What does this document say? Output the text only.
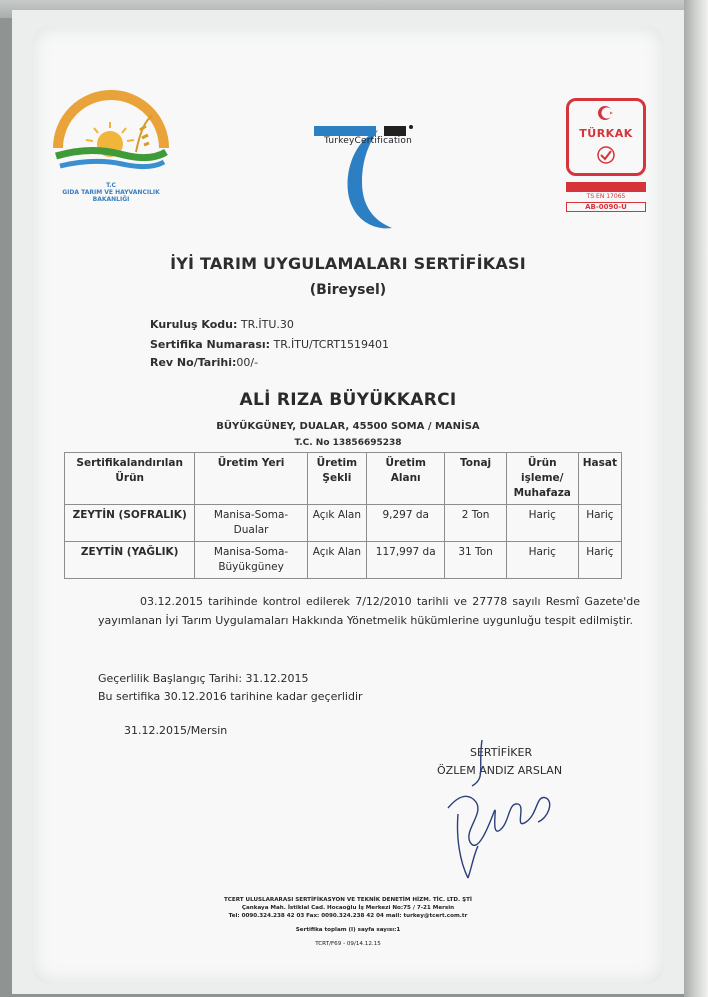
T.C
GIDA TARIM VE HAYVANCILIK
BAKANLIĞI
TurkeyCertification
TÜRKAK
TS EN 17065
AB-0090-U
İYİ TARIM UYGULAMALARI SERTİFİKASI
(Bireysel)
Kuruluş Kodu: TR.İTU.30
Sertifika Numarası: TR.İTU/TCRT1519401
Rev No/Tarihi:00/-
ALİ RIZA BÜYÜKKARCI
BÜYÜKGÜNEY, DUALAR, 45500 SOMA / MANİSA
T.C. No 13856695238
Sertifikalandırılan Ürün	Üretim Yeri	Üretim Şekli	Üretim Alanı	Tonaj	Ürün işleme/ Muhafaza	Hasat
ZEYTİN (SOFRALIK)	Manisa-Soma-Dualar	Açık Alan	9,297 da	2 Ton	Hariç	Hariç
ZEYTİN (YAĞLIK)	Manisa-Soma-Büyükgüney	Açık Alan	117,997 da	31 Ton	Hariç	Hariç
03.12.2015 tarihinde kontrol edilerek 7/12/2010 tarihli ve 27778 sayılı Resmî Gazete'de yayımlanan İyi Tarım Uygulamaları Hakkında Yönetmelik hükümlerine uygunluğu tespit edilmiştir.
Geçerlilik Başlangıç Tarihi: 31.12.2015
Bu sertifika 30.12.2016 tarihine kadar geçerlidir
31.12.2015/Mersin
SERTİFİKER
ÖZLEM ANDIZ ARSLAN
TCERT ULUSLARARASI SERTİFİKASYON VE TEKNİK DENETİM HİZM. TİC. LTD. ŞTİ
Çankaya Mah. İstiklal Cad. Hocaoğlu İş Merkezi No:75 / 7-21 Mersin
Tel: 0090.324.238 42 03 Fax: 0090.324.238 42 04 mail: turkey@tcert.com.tr
Sertifika toplam (I) sayfa sayısı:1
TCRT/F69 - 09/14.12.15
